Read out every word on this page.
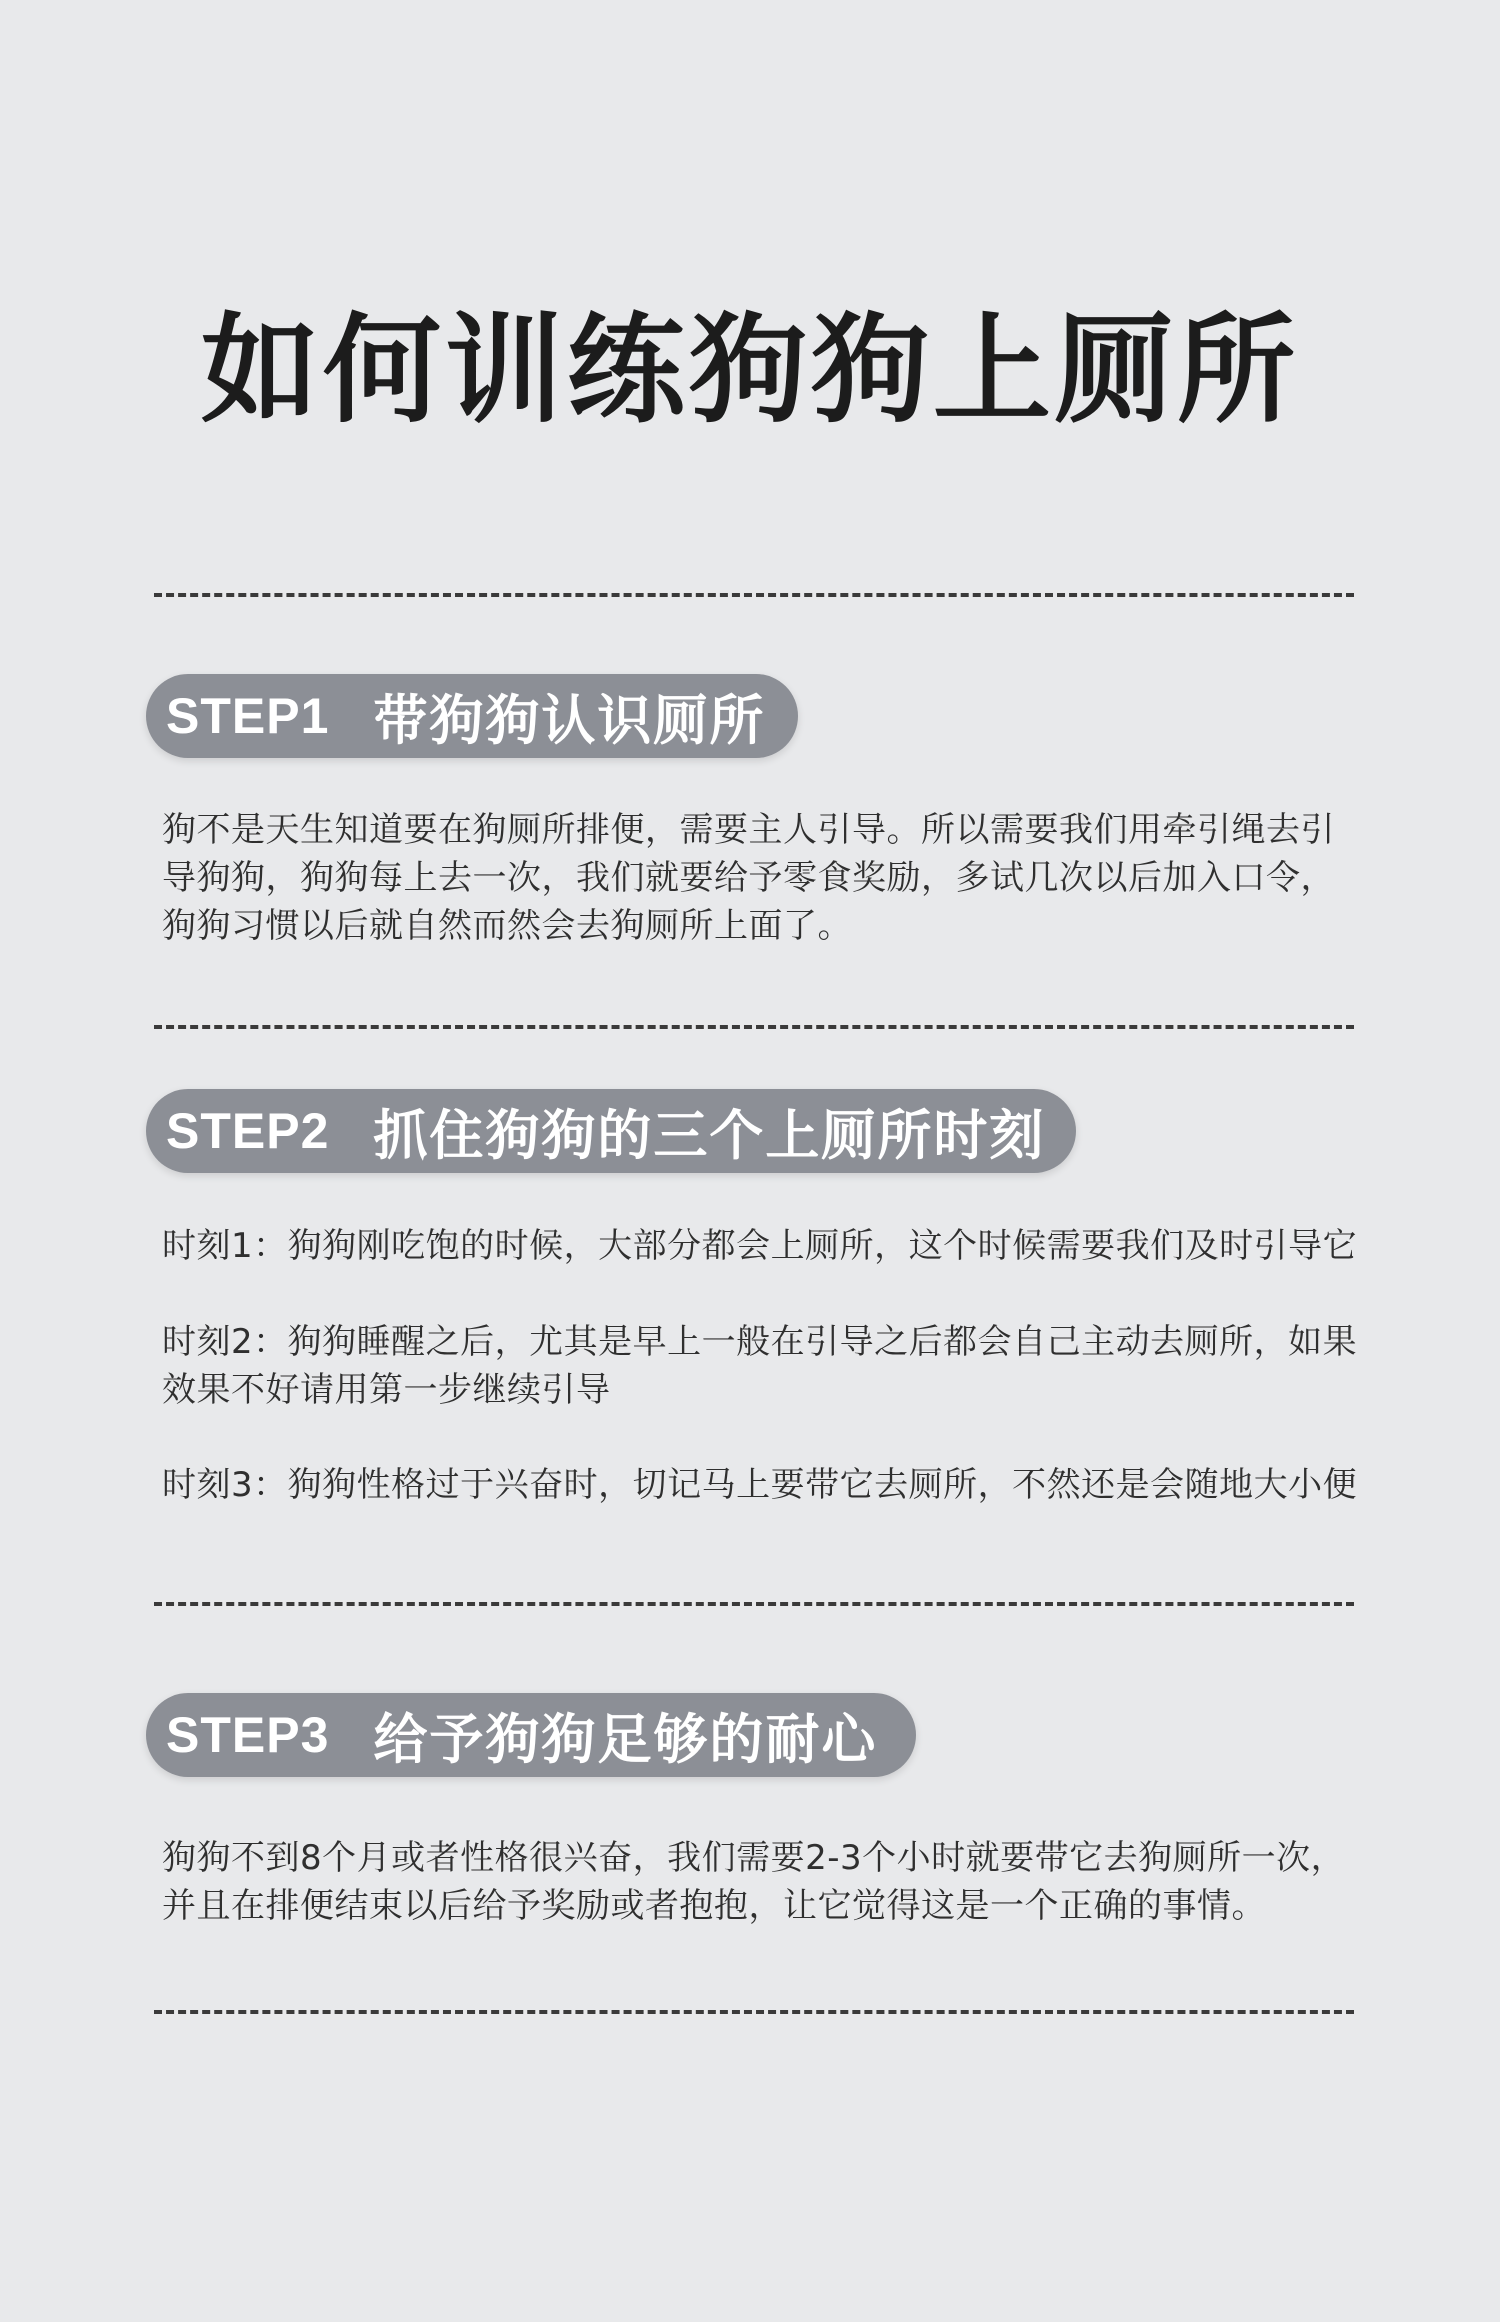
如何训练狗狗上厕所
STEP1 带狗狗认识厕所
狗不是天生知道要在狗厕所排便，需要主人引导。所以需要我们用牵引绳去引导狗狗，狗狗每上去一次，我们就要给予零食奖励，多试几次以后加入口令，狗狗习惯以后就自然而然会去狗厕所上面了。
STEP2 抓住狗狗的三个上厕所时刻
时刻1：狗狗刚吃饱的时候，大部分都会上厕所，这个时候需要我们及时引导它
时刻2：狗狗睡醒之后，尤其是早上一般在引导之后都会自己主动去厕所，如果效果不好请用第一步继续引导
时刻3：狗狗性格过于兴奋时，切记马上要带它去厕所，不然还是会随地大小便
STEP3 给予狗狗足够的耐心
狗狗不到8个月或者性格很兴奋，我们需要2-3个小时就要带它去狗厕所一次，并且在排便结束以后给予奖励或者抱抱，让它觉得这是一个正确的事情。
